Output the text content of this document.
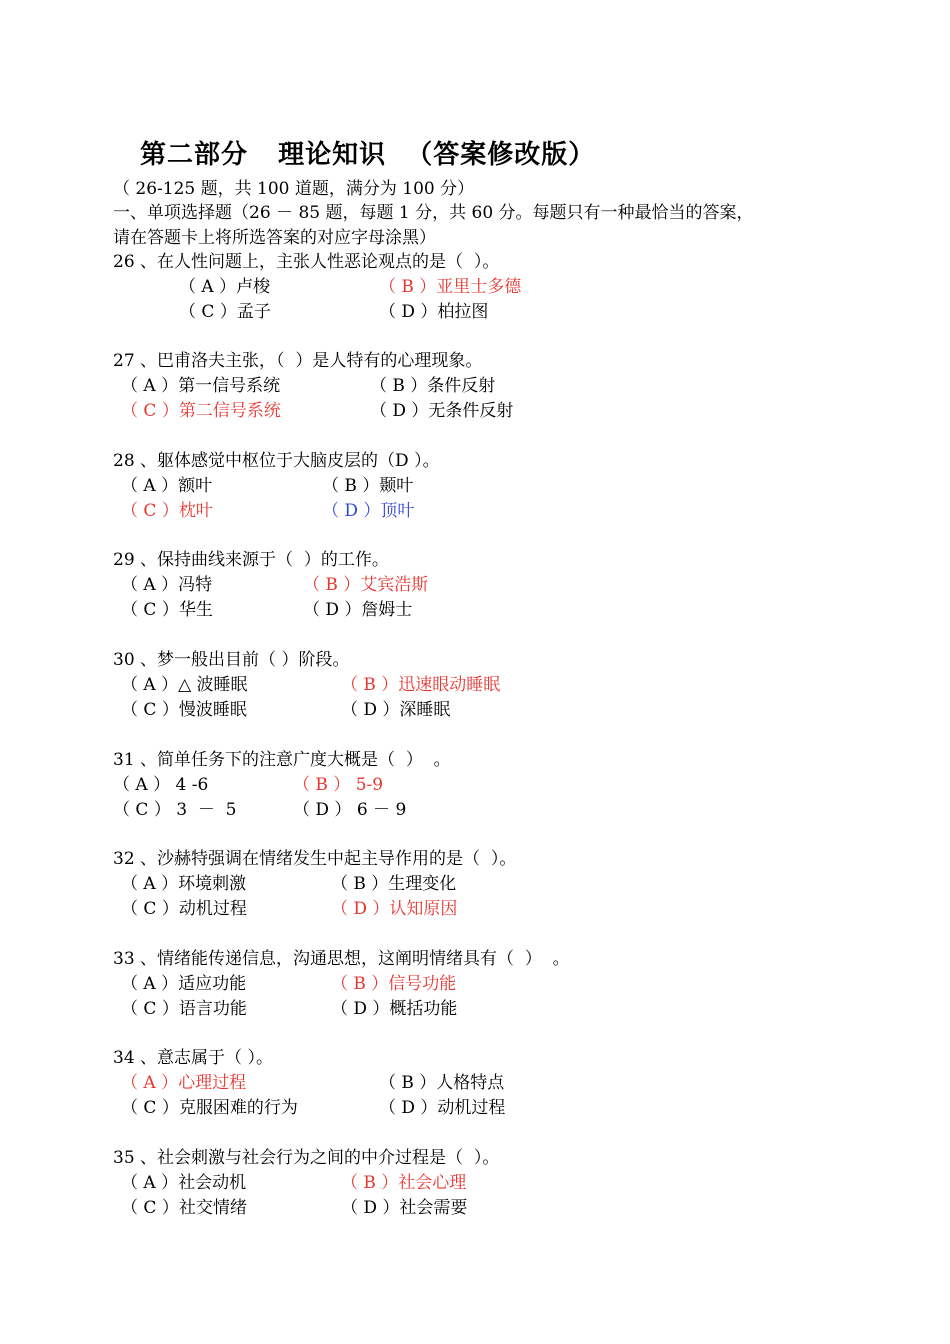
第二部分   理论知识  （答案修改版）
（ 26-125 题，共 100 道题，满分为 100 分）
一、单项选择题（26 － 85 题，每题 1 分，共 60 分。每题只有一种最恰当的答案，
请在答题卡上将所选答案的对应字母涂黑）
26 、在人性问题上，主张人性恶论观点的是（  ）。

（ A ）卢梭

	（ B ）亚里士多德

（ C ）孟子

	（ D ）柏拉图

27 、巴甫洛夫主张，（  ）是人特有的心理现象。

（ A ）第一信号系统

	（ B ）条件反射

（ C ）第二信号系统

	（ D ）无条件反射

28 、躯体感觉中枢位于大脑皮层的（D ）。

（ A ）额叶

	（ B ）颞叶

（ C ）枕叶

	（ D ）顶叶

29 、保持曲线来源于（  ）的工作。

（ A ）冯特

	（ B ）艾宾浩斯

（ C ）华生

	（ D ）詹姆士

30 、梦一般出目前（ ）阶段。

（ A ）△ 波睡眠

	（ B ）迅速眼动睡眠

（ C ）慢波睡眠

	（ D ）深睡眠

31 、简单任务下的注意广度大概是（  ）  。

（ A ） 4 -6

	（ B ） 5-9

（ C ） 3  －  5

	（ D ） 6 － 9

32 、沙赫特强调在情绪发生中起主导作用的是（  ）。

（ A ）环境刺激

	（ B ）生理变化

（ C ）动机过程

	（ D ）认知原因

33 、情绪能传递信息，沟通思想，这阐明情绪具有（  ）  。

（ A ）适应功能

	（ B ）信号功能

（ C ）语言功能

	（ D ）概括功能

34 、意志属于（ ）。

（ A ）心理过程

	（ B ）人格特点

（ C ）克服困难的行为

	（ D ）动机过程

35 、社会刺激与社会行为之间的中介过程是（  ）。

（ A ）社会动机

	（ B ）社会心理

（ C ）社交情绪

	（ D ）社会需要
